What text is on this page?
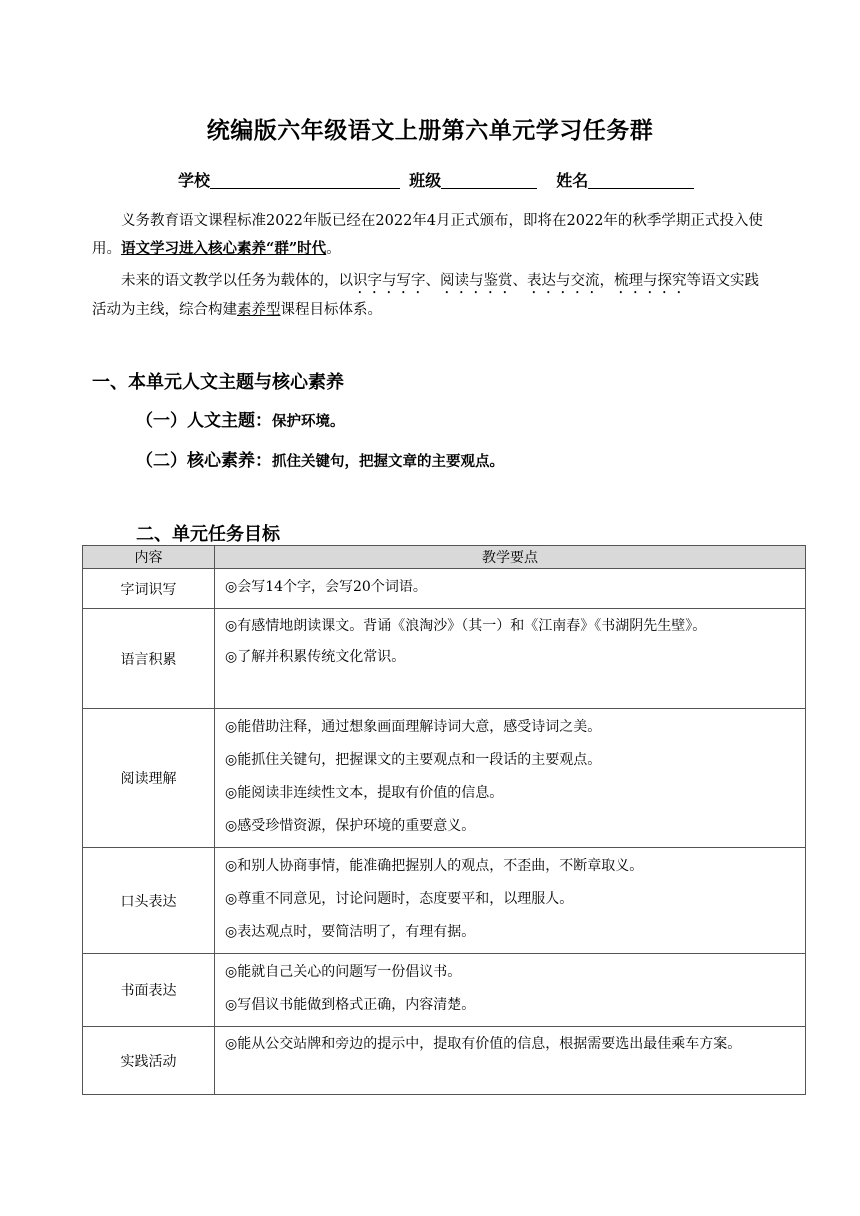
统编版六年级语文上册第六单元学习任务群
学校	班级	姓名

义务教育语文课程标准2022年版已经在2022年4月正式颁布，即将在2022年的秋季学期正式投入使用。语文学习进入核心素养“群”时代。

未来的语文教学以任务为载体的，以识字与写字、阅读与鉴赏、表达与交流，梳理与探究等语文实践活动为主线，综合构建素养型课程目标体系。

一、本单元人文主题与核心素养
（一）人文主题：保护环境。
（二）核心素养：抓住关键句，把握文章的主要观点。
二、单元任务目标
内容	教学要点
字词识写	◎会写14个字，会写20个词语。

语言积累	◎有感情地朗读课文。背诵《浪淘沙》（其一）和《江南春》《书湖阴先生壁》。
◎了解并积累传统文化常识。

阅读理解	◎能借助注释，通过想象画面理解诗词大意，感受诗词之美。
◎能抓住关键句，把握课文的主要观点和一段话的主要观点。
◎能阅读非连续性文本，提取有价值的信息。
◎感受珍惜资源，保护环境的重要意义。

口头表达	◎和别人协商事情，能准确把握别人的观点，不歪曲，不断章取义。
◎尊重不同意见，讨论问题时，态度要平和，以理服人。
◎表达观点时，要简洁明了，有理有据。

书面表达	◎能就自己关心的问题写一份倡议书。
◎写倡议书能做到格式正确，内容清楚。

实践活动	◎能从公交站牌和旁边的提示中，提取有价值的信息，根据需要选出最佳乘车方案。
